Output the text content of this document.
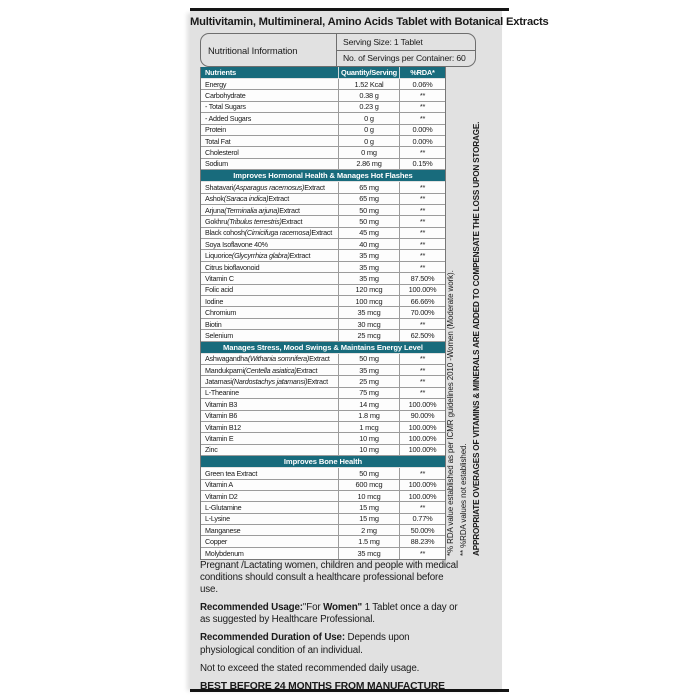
Multivitamin, Multimineral, Amino Acids Tablet with Botanical Extracts
Nutritional Information
Serving Size: 1 Tablet
No. of Servings per Container: 60
Nutrients	Quantity/Serving	%RDA*
Energy	1.52 Kcal	0.06%
Carbohydrate	0.38 g	**
- Total Sugars	0.23 g	**
- Added Sugars	0 g	**
Protein	0 g	0.00%
Total Fat	0 g	0.00%
Cholesterol	0 mg	**
Sodium	2.86 mg	0.15%
Improves Hormonal Health & Manages Hot Flashes
Shatavari (Asparagus racemosus) Extract	65 mg	**
Ashok (Saraca indica) Extract	65 mg	**
Arjuna (Terminalia arjuna) Extract	50 mg	**
Gokhru (Tribulus terrestris) Extract	50 mg	**
Black cohosh (Cimicifuga racemosa) Extract	45 mg	**
Soya Isoflavone 40%	40 mg	**
Liquorice (Glycyrrhiza glabra) Extract	35 mg	**
Citrus bioflavonoid	35 mg	**
Vitamin C	35 mg	87.50%
Folic acid	120 mcg	100.00%
Iodine	100 mcg	66.66%
Chromium	35 mcg	70.00%
Biotin	30 mcg	**
Selenium	25 mcg	62.50%
Manages Stress, Mood Swings & Maintains Energy Level
Ashwagandha (Withania somnifera) Extract	50 mg	**
Mandukparni (Centella asiatica) Extract	35 mg	**
Jatamasi (Nardostachys jatamansi) Extract	25 mg	**
L-Theanine	75 mg	**
Vitamin B3	14 mg	100.00%
Vitamin B6	1.8 mg	90.00%
Vitamin B12	1 mcg	100.00%
Vitamin E	10 mg	100.00%
Zinc	10 mg	100.00%
Improves Bone Health
Green tea Extract	50 mg	**
Vitamin A	600 mcg	100.00%
Vitamin D2	10 mcg	100.00%
L-Glutamine	15 mg	**
L-Lysine	15 mg	0.77%
Manganese	2 mg	50.00%
Copper	1.5 mg	88.23%
Molybdenum	35 mcg	**	*% RDA value established as per ICMR guidelines 2010 -Women (Moderate work). ** %RDA values not established. APPROPRIATE OVERAGES OF VITAMINS & MINERALS ARE ADDED TO COMPENSATE THE LOSS UPON STORAGE.

Pregnant /Lactating women, children and people with medical conditions should consult a healthcare professional before use.

Recommended Usage:"For Women" 1 Tablet once a day or as suggested by Healthcare Professional.

Recommended Duration of Use: Depends upon physiological condition of an individual.

Not to exceed the stated recommended daily usage.

BEST BEFORE 24 MONTHS FROM MANUFACTURE
